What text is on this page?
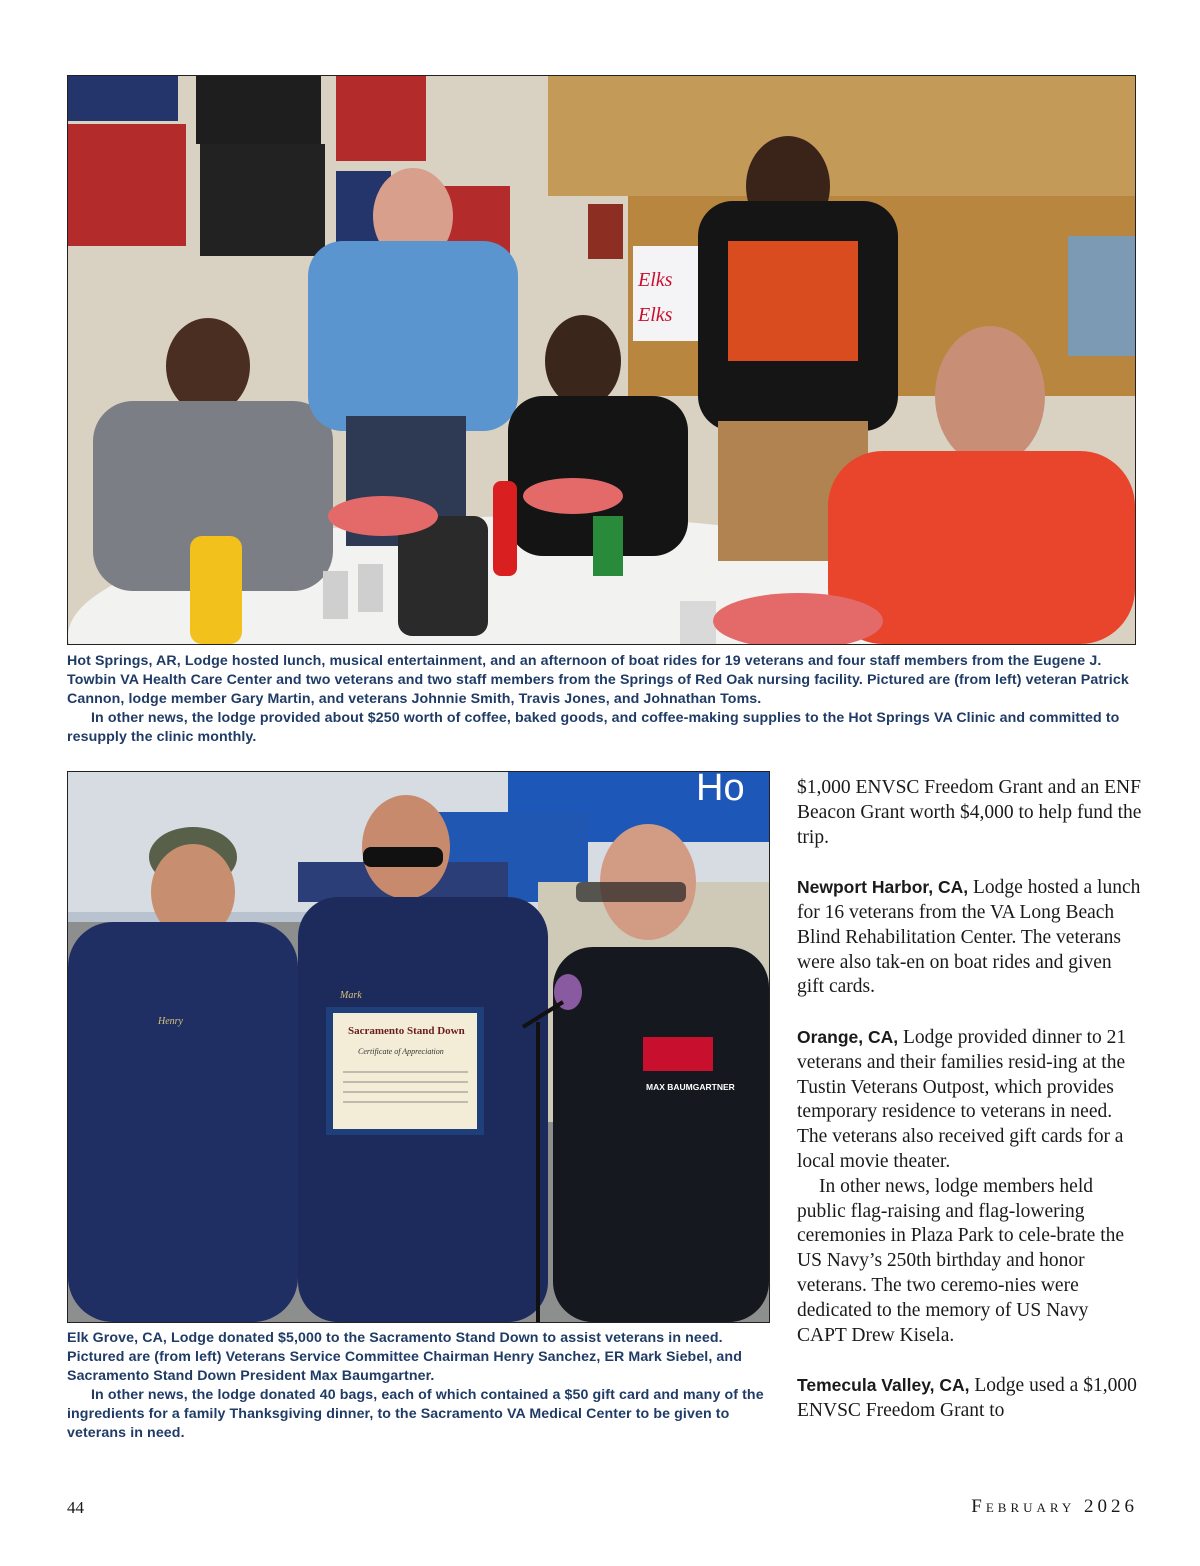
Elks
Elks

Hot Springs, AR, Lodge hosted lunch, musical entertainment, and an afternoon of boat rides for 19 veterans and four staff members from the Eugene J. Towbin VA Health Care Center and two veterans and two staff members from the Springs of Red Oak nursing facility. Pictured are (from left) veteran Patrick Cannon, lodge member Gary Martin, and veterans Johnnie Smith, Travis Jones, and Johnathan Toms.

In other news, the lodge provided about $250 worth of coffee, baked goods, and coffee-making supplies to the Hot Springs VA Clinic and committed to resupply the clinic monthly.

Ho
MAX BAUMGARTNER
Henry
Mark
Sacramento Stand Down
Certificate of Appreciation

Elk Grove, CA, Lodge donated $5,000 to the Sacramento Stand Down to assist veterans in need. Pictured are (from left) Veterans Service Committee Chairman Henry Sanchez, ER Mark Siebel, and Sacramento Stand Down President Max Baumgartner.

In other news, the lodge donated 40 bags, each of which contained a $50 gift card and many of the ingredients for a family Thanksgiving dinner, to the Sacramento VA Medical Center to be given to veterans in need.

$1,000 ENVSC Freedom Grant and an ENF Beacon Grant worth $4,000 to help fund the trip.

Newport Harbor, CA, Lodge hosted a lunch for 16 veterans from the VA Long Beach Blind Rehabilitation Center. The veterans were also tak-en on boat rides and given gift cards.

Orange, CA, Lodge provided dinner to 21 veterans and their families resid-ing at the Tustin Veterans Outpost, which provides temporary residence to veterans in need. The veterans also received gift cards for a local movie theater.

In other news, lodge members held public flag-raising and flag-lowering ceremonies in Plaza Park to cele-brate the US Navy’s 250th birthday and honor veterans. The two ceremo-nies were dedicated to the memory of US Navy CAPT Drew Kisela.

Temecula Valley, CA, Lodge used a $1,000 ENVSC Freedom Grant to

44	February 2026
